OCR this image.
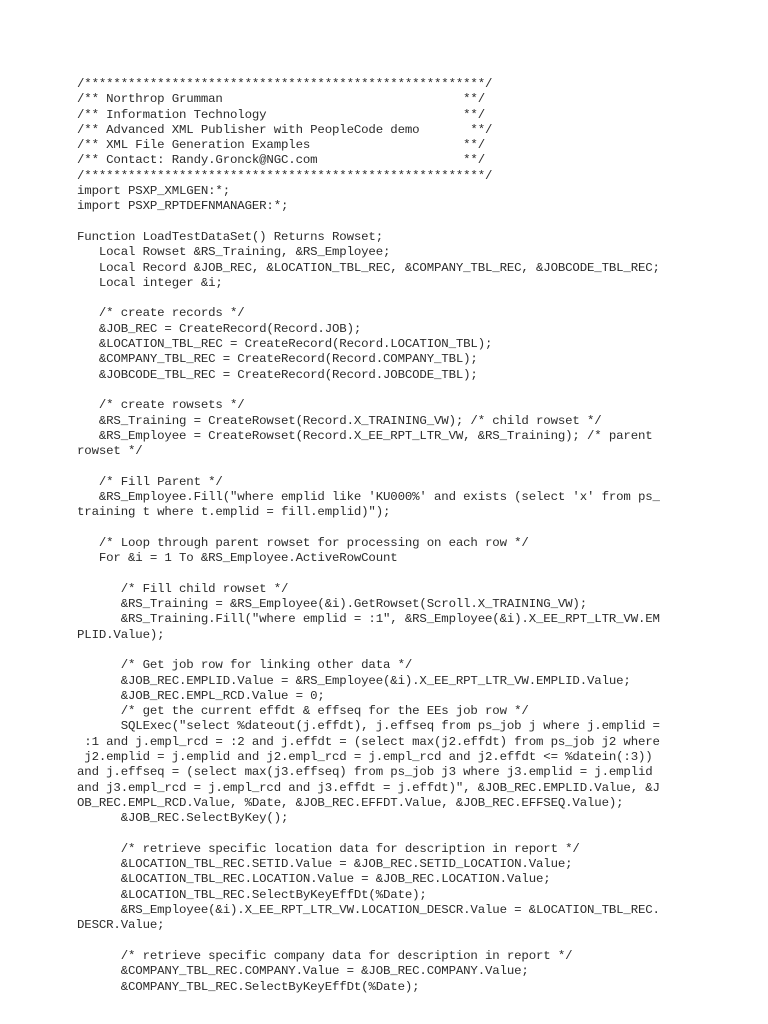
/*******************************************************/
/** Northrop Grumman                                 **/
/** Information Technology                           **/
/** Advanced XML Publisher with PeopleCode demo       **/
/** XML File Generation Examples                     **/
/** Contact: Randy.Gronck@NGC.com                    **/
/*******************************************************/
import PSXP_XMLGEN:*;
import PSXP_RPTDEFNMANAGER:*;
Function LoadTestDataSet() Returns Rowset;
Local Rowset &RS_Training, &RS_Employee;
Local Record &JOB_REC, &LOCATION_TBL_REC, &COMPANY_TBL_REC, &JOBCODE_TBL_REC;
Local integer &i;
/* create records */
&JOB_REC = CreateRecord(Record.JOB);
&LOCATION_TBL_REC = CreateRecord(Record.LOCATION_TBL);
&COMPANY_TBL_REC = CreateRecord(Record.COMPANY_TBL);
&JOBCODE_TBL_REC = CreateRecord(Record.JOBCODE_TBL);
/* create rowsets */
&RS_Training = CreateRowset(Record.X_TRAINING_VW); /* child rowset */
&RS_Employee = CreateRowset(Record.X_EE_RPT_LTR_VW, &RS_Training); /* parent
rowset */
/* Fill Parent */
&RS_Employee.Fill("where emplid like 'KU000%' and exists (select 'x' from ps_
training t where t.emplid = fill.emplid)");
/* Loop through parent rowset for processing on each row */
For &i = 1 To &RS_Employee.ActiveRowCount
/* Fill child rowset */
&RS_Training = &RS_Employee(&i).GetRowset(Scroll.X_TRAINING_VW);
&RS_Training.Fill("where emplid = :1", &RS_Employee(&i).X_EE_RPT_LTR_VW.EM
PLID.Value);
/* Get job row for linking other data */
&JOB_REC.EMPLID.Value = &RS_Employee(&i).X_EE_RPT_LTR_VW.EMPLID.Value;
&JOB_REC.EMPL_RCD.Value = 0;
/* get the current effdt & effseq for the EEs job row */
SQLExec("select %dateout(j.effdt), j.effseq from ps_job j where j.emplid =
:1 and j.empl_rcd = :2 and j.effdt = (select max(j2.effdt) from ps_job j2 where
j2.emplid = j.emplid and j2.empl_rcd = j.empl_rcd and j2.effdt <= %datein(:3))
and j.effseq = (select max(j3.effseq) from ps_job j3 where j3.emplid = j.emplid
and j3.empl_rcd = j.empl_rcd and j3.effdt = j.effdt)", &JOB_REC.EMPLID.Value, &J
OB_REC.EMPL_RCD.Value, %Date, &JOB_REC.EFFDT.Value, &JOB_REC.EFFSEQ.Value);
&JOB_REC.SelectByKey();
/* retrieve specific location data for description in report */
&LOCATION_TBL_REC.SETID.Value = &JOB_REC.SETID_LOCATION.Value;
&LOCATION_TBL_REC.LOCATION.Value = &JOB_REC.LOCATION.Value;
&LOCATION_TBL_REC.SelectByKeyEffDt(%Date);
&RS_Employee(&i).X_EE_RPT_LTR_VW.LOCATION_DESCR.Value = &LOCATION_TBL_REC.
DESCR.Value;
/* retrieve specific company data for description in report */
&COMPANY_TBL_REC.COMPANY.Value = &JOB_REC.COMPANY.Value;
&COMPANY_TBL_REC.SelectByKeyEffDt(%Date);
